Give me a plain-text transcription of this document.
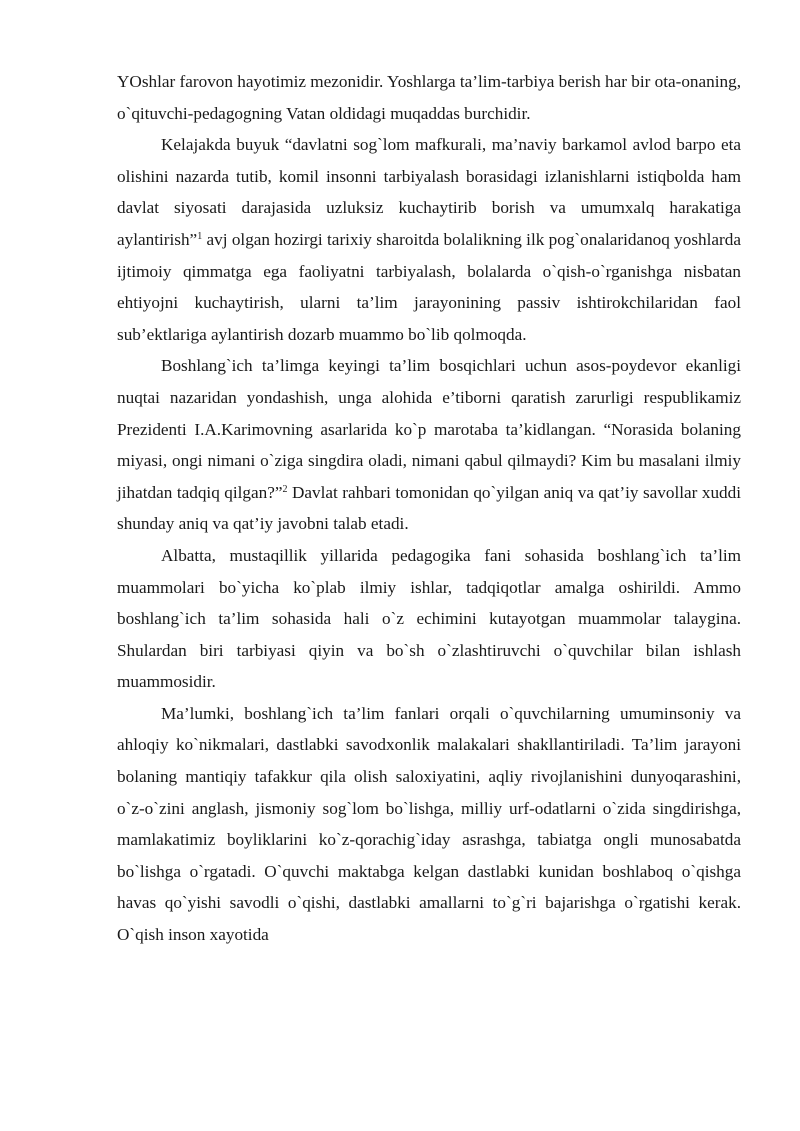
YOshlar farovon hayotimiz mezonidir. Yoshlarga ta’lim-tarbiya berish har bir ota-onaning, o`qituvchi-pedagogning Vatan oldidagi muqaddas burchidir.

Kelajakda buyuk “davlatni sog`lom mafkurali, ma’naviy barkamol avlod barpo eta olishini nazarda tutib, komil insonni tarbiyalash borasidagi izlanishlarni istiqbolda ham davlat siyosati darajasida uzluksiz kuchaytirib borish va umumxalq harakatiga aylantirish”$^1$ avj olgan hozirgi tarixiy sharoitda bolalikning ilk pog`onalaridanoq yoshlarda ijtimoiy qimmatga ega faoliyatni tarbiyalash, bolalarda o`qish-o`rganishga nisbatan ehtiyojni kuchaytirish, ularni ta’lim jarayonining passiv ishtirokchilaridan faol sub’ektlariga aylantirish dozarb muammo bo`lib qolmoqda.

Boshlang`ich ta’limga keyingi ta’lim bosqichlari uchun asos-poydevor ekanligi nuqtai nazaridan yondashish, unga alohida e’tiborni qaratish zarurligi respublikamiz Prezidenti I.A.Karimovning asarlarida ko`p marotaba ta’kidlangan. “Norasida bolaning miyasi, ongi nimani o`ziga singdira oladi, nimani qabul qilmaydi? Kim bu masalani ilmiy jihatdan tadqiq qilgan?”$^2$ Davlat rahbari tomonidan qo`yilgan aniq va qat’iy savollar xuddi shunday aniq va qat’iy javobni talab etadi.

Albatta, mustaqillik yillarida pedagogika fani sohasida boshlang`ich ta’lim muammolari bo`yicha ko`plab ilmiy ishlar, tadqiqotlar amalga oshirildi. Ammo boshlang`ich ta’lim sohasida hali o`z echimini kutayotgan muammolar talaygina. Shulardan biri tarbiyasi qiyin va bo`sh o`zlashtiruvchi o`quvchilar bilan ishlash muammosidir.

Ma’lumki, boshlang`ich ta’lim fanlari orqali o`quvchilarning umuminsoniy va ahloqiy ko`nikmalari, dastlabki savodxonlik malakalari shakllantiriladi. Ta’lim jarayoni bolaning mantiqiy tafakkur qila olish saloxiyatini, aqliy rivojlanishini dunyoqarashini, o`z-o`zini anglash, jismoniy sog`lom bo`lishga, milliy urf-odatlarni o`zida singdirishga, mamlakatimiz boyliklarini ko`z-qorachig`iday asrashga, tabiatga ongli munosabatda bo`lishga o`rgatadi. O`quvchi maktabga kelgan dastlabki kunidan boshlaboq o`qishga havas qo`yishi savodli o`qishi, dastlabki amallarni to`g`ri bajarishga o`rgatishi kerak. O`qish inson xayotida
